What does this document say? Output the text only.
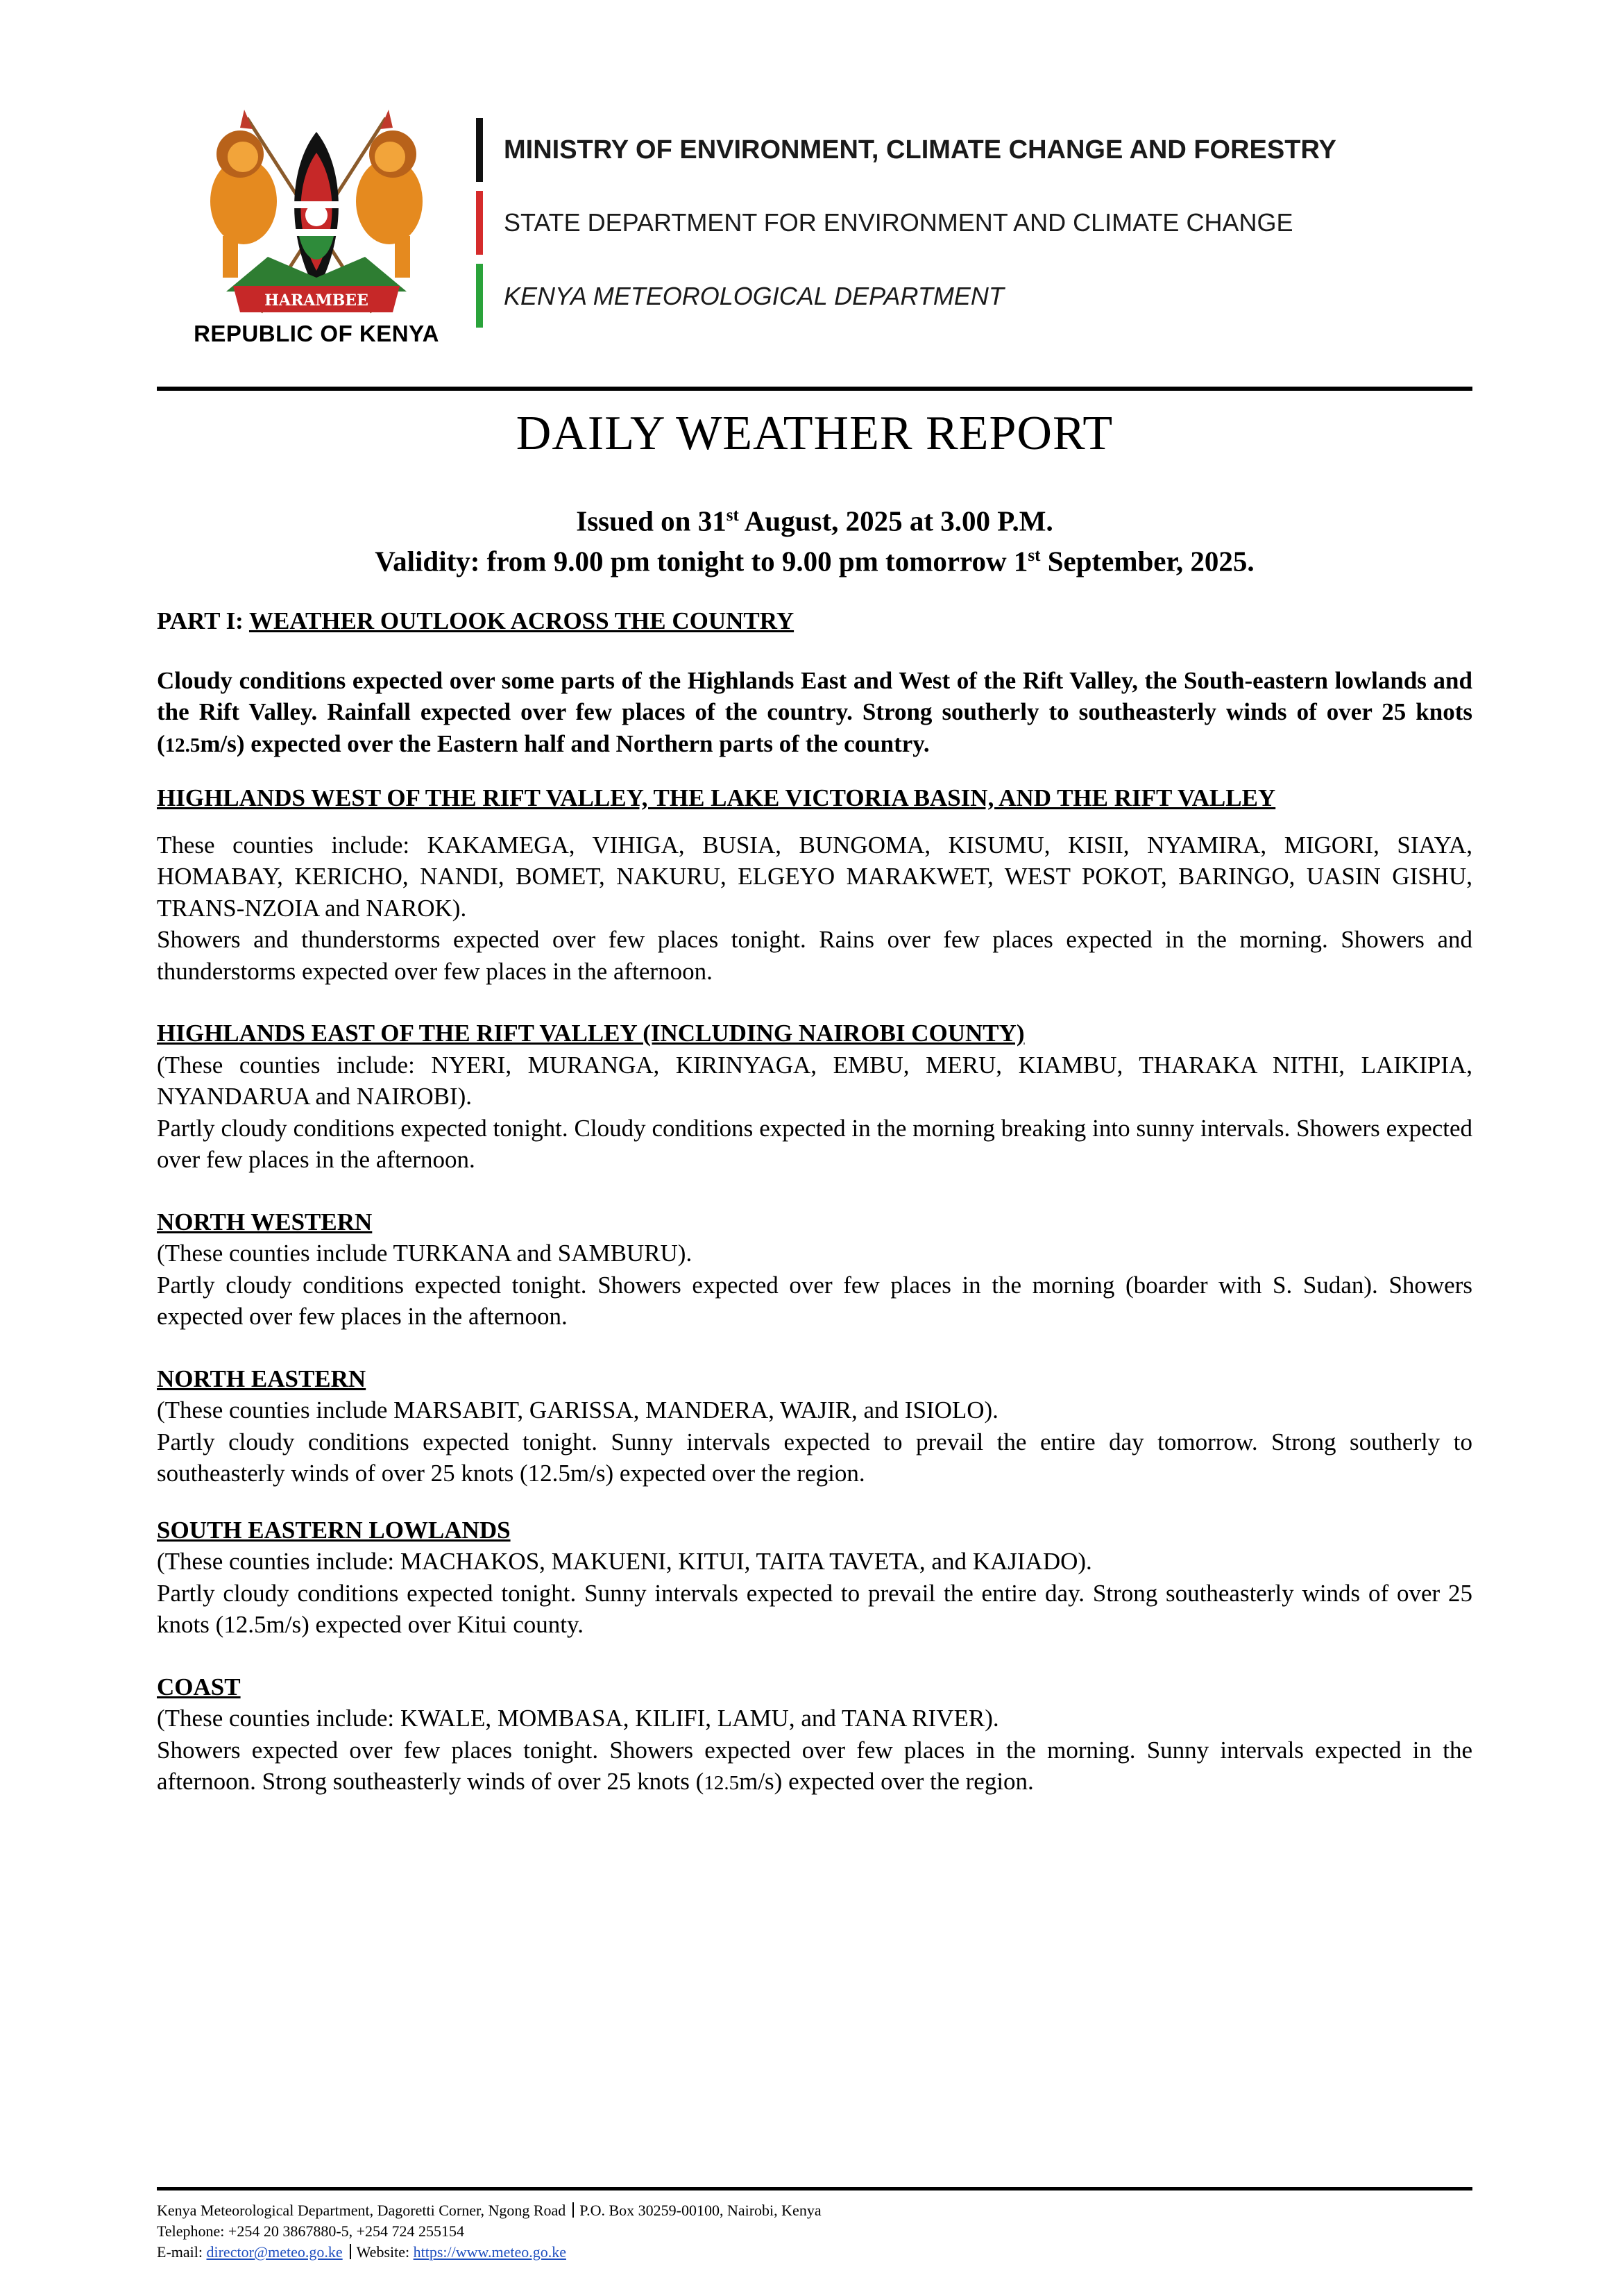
HARAMBEE
REPUBLIC OF KENYA
MINISTRY OF ENVIRONMENT, CLIMATE CHANGE AND FORESTRY
STATE DEPARTMENT FOR ENVIRONMENT AND CLIMATE CHANGE
KENYA METEOROLOGICAL DEPARTMENT
DAILY WEATHER REPORT
Issued on 31st August, 2025 at 3.00 P.M.
Validity: from 9.00 pm tonight to 9.00 pm tomorrow 1st September, 2025.

PART I: WEATHER OUTLOOK ACROSS THE COUNTRY

Cloudy conditions expected over some parts of the Highlands East and West of the Rift Valley, the South-eastern lowlands and the Rift Valley. Rainfall expected over few places of the country. Strong southerly to southeasterly winds of over 25 knots (12.5m/s) expected over the Eastern half and Northern parts of the country.

HIGHLANDS WEST OF THE RIFT VALLEY, THE LAKE VICTORIA BASIN, AND THE RIFT VALLEY

These counties include: KAKAMEGA, VIHIGA, BUSIA, BUNGOMA, KISUMU, KISII, NYAMIRA, MIGORI, SIAYA, HOMABAY, KERICHO, NANDI, BOMET, NAKURU, ELGEYO MARAKWET, WEST POKOT, BARINGO, UASIN GISHU, TRANS-NZOIA and NAROK).

Showers and thunderstorms expected over few places tonight. Rains over few places expected in the morning. Showers and thunderstorms expected over few places in the afternoon.

HIGHLANDS EAST OF THE RIFT VALLEY (INCLUDING NAIROBI COUNTY)

(These counties include: NYERI, MURANGA, KIRINYAGA, EMBU, MERU, KIAMBU, THARAKA NITHI, LAIKIPIA, NYANDARUA and NAIROBI).

Partly cloudy conditions expected tonight. Cloudy conditions expected in the morning breaking into sunny intervals. Showers expected over few places in the afternoon.

NORTH WESTERN

(These counties include TURKANA and SAMBURU).

Partly cloudy conditions expected tonight. Showers expected over few places in the morning (boarder with S. Sudan). Showers expected over few places in the afternoon.

NORTH EASTERN

(These counties include MARSABIT, GARISSA, MANDERA, WAJIR, and ISIOLO).

Partly cloudy conditions expected tonight. Sunny intervals expected to prevail the entire day tomorrow. Strong southerly to southeasterly winds of over 25 knots (12.5m/s) expected over the region.

SOUTH EASTERN LOWLANDS

(These counties include: MACHAKOS, MAKUENI, KITUI, TAITA TAVETA, and KAJIADO).

Partly cloudy conditions expected tonight. Sunny intervals expected to prevail the entire day. Strong southeasterly winds of over 25 knots (12.5m/s) expected over Kitui county.

COAST

(These counties include: KWALE, MOMBASA, KILIFI, LAMU, and TANA RIVER).

Showers expected over few places tonight. Showers expected over few places in the morning. Sunny intervals expected in the afternoon. Strong southeasterly winds of over 25 knots (12.5m/s) expected over the region.

Kenya Meteorological Department, Dagoretti Corner, Ngong Road P.O. Box 30259-00100, Nairobi, Kenya
Telephone: +254 20 3867880-5, +254 724 255154
E-mail: director@meteo.go.ke Website: https://www.meteo.go.ke
